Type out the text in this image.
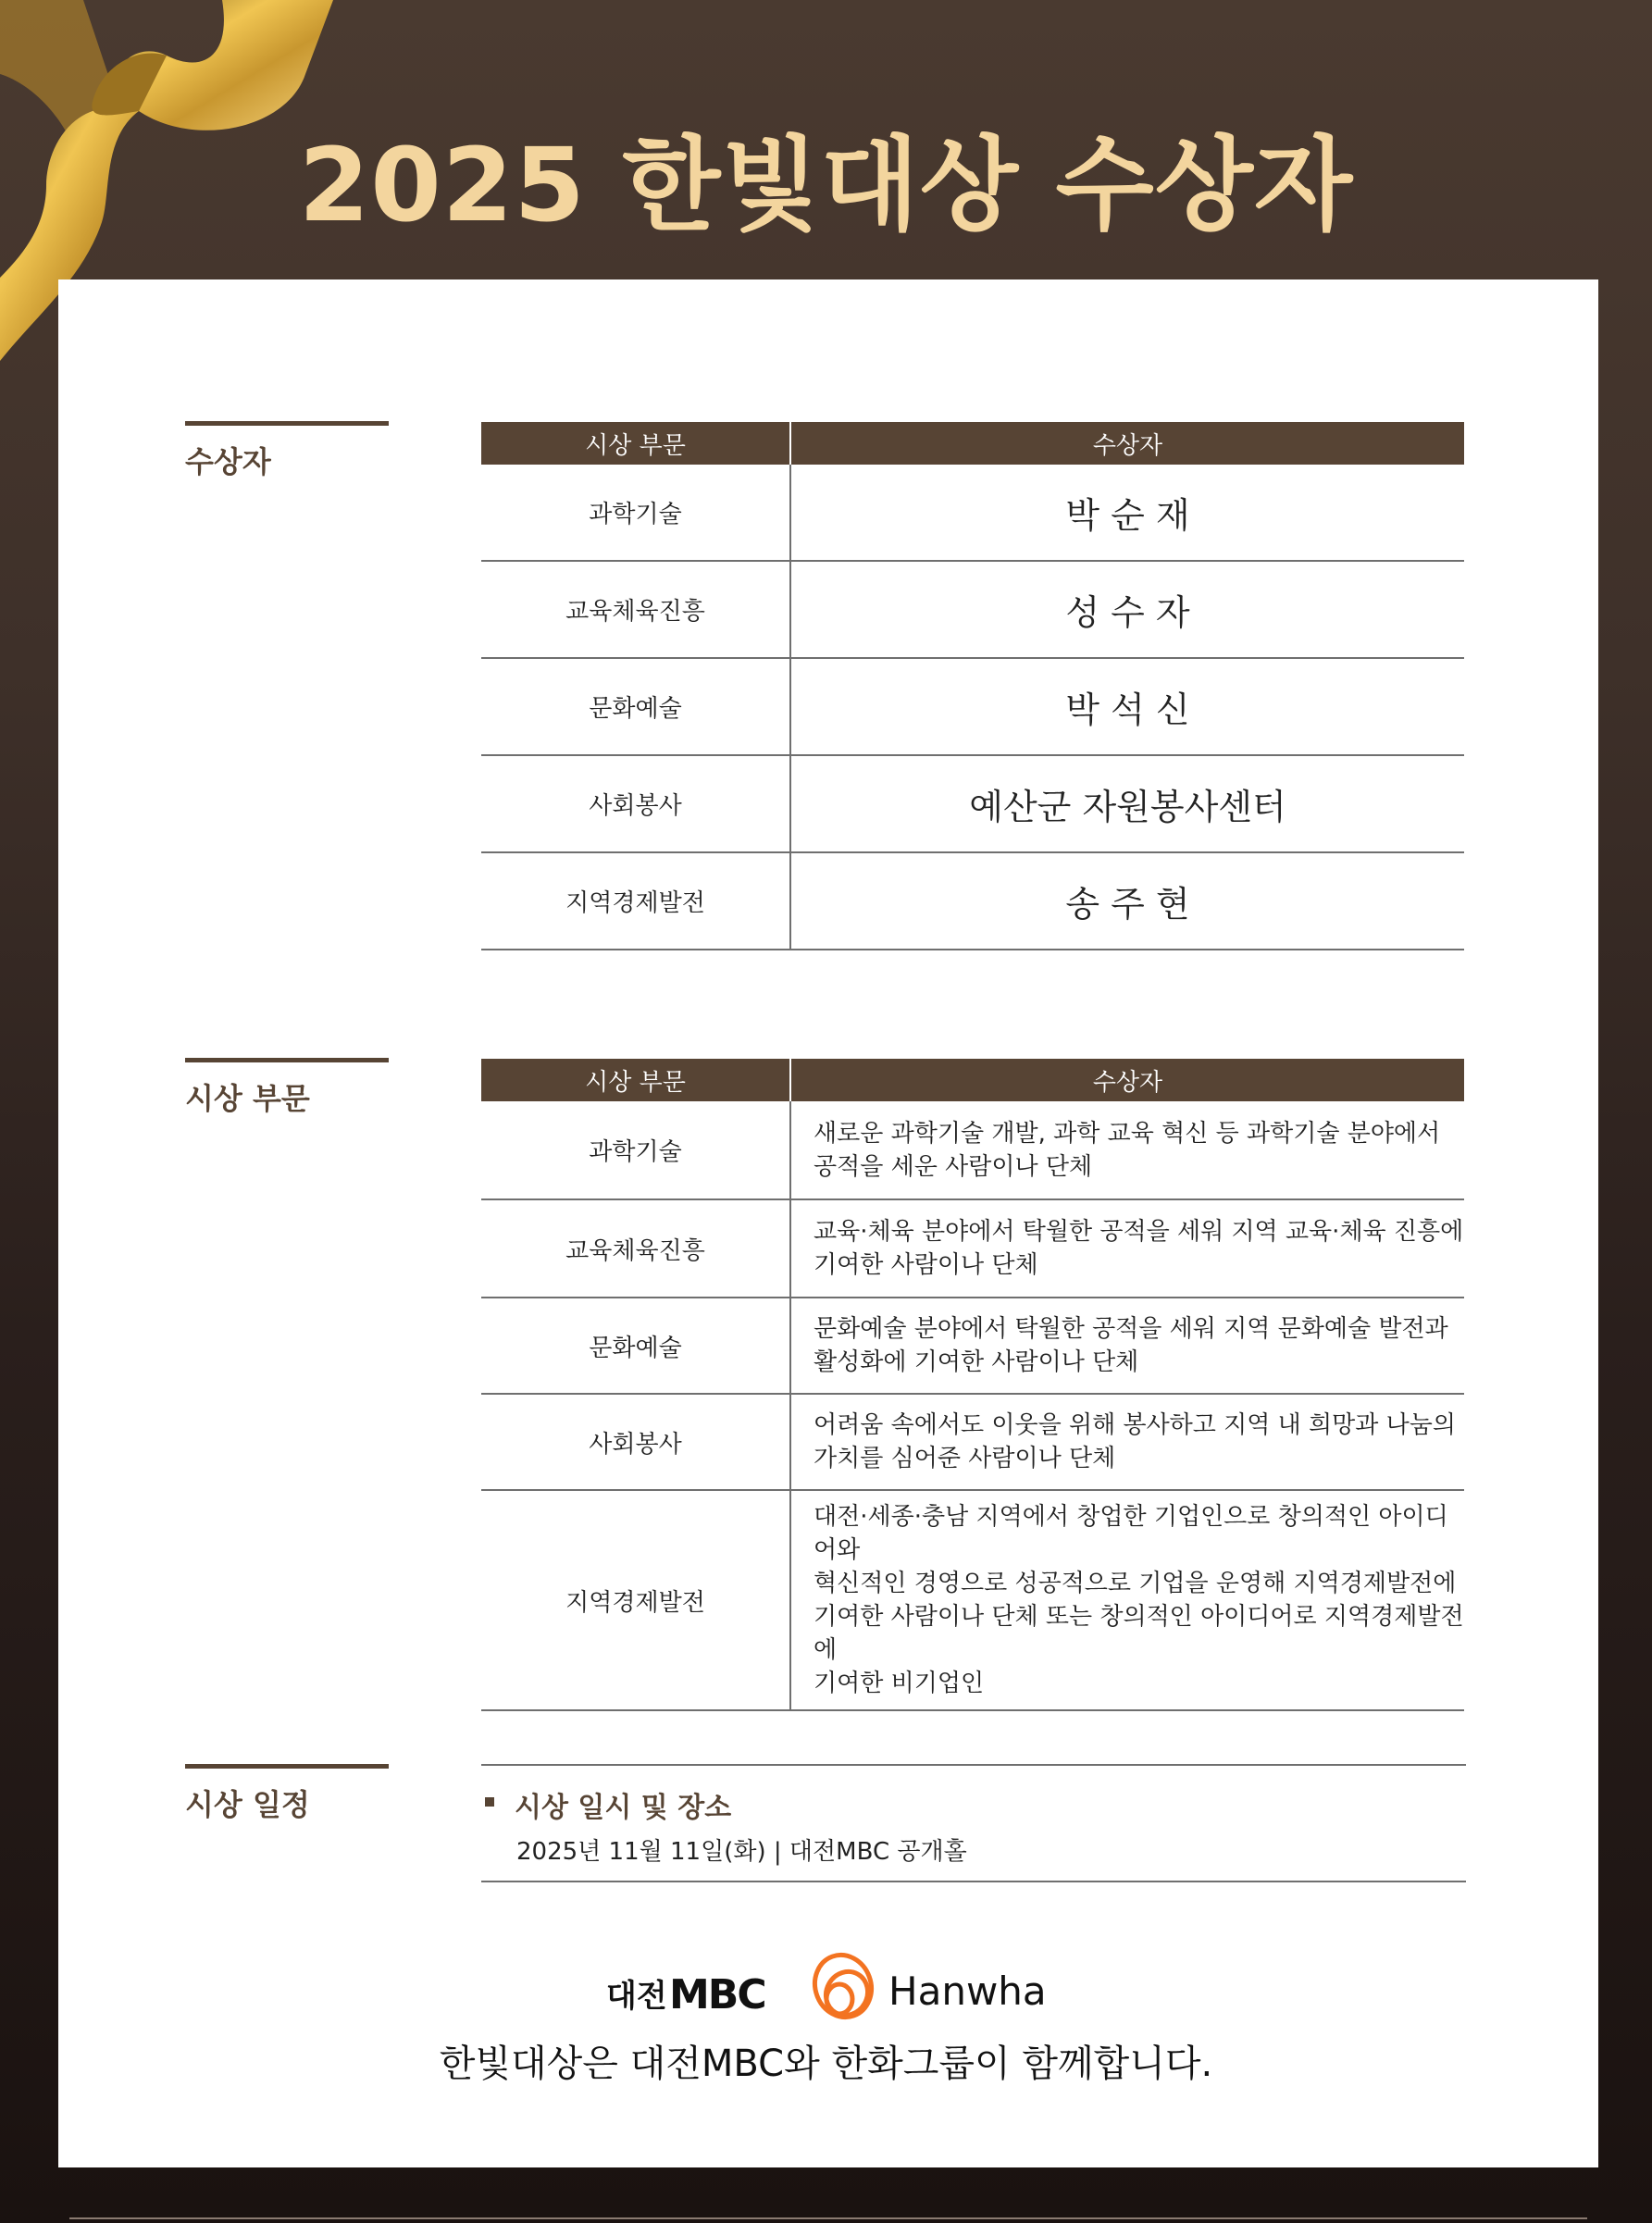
2025 한빛대상 수상자
수상자	시상 부문	수상자
과학기술	박 순 재
교육체육진흥	성 수 자
문화예술	박 석 신
사회봉사	예산군 자원봉사센터
지역경제발전	송 주 현
시상 부문	시상 부문	수상자
과학기술	새로운 과학기술 개발, 과학 교육 혁신 등 과학기술 분야에서
공적을 세운 사람이나 단체

교육체육진흥	교육·체육 분야에서 탁월한 공적을 세워 지역 교육·체육 진흥에
기여한 사람이나 단체

문화예술	문화예술 분야에서 탁월한 공적을 세워 지역 문화예술 발전과
활성화에 기여한 사람이나 단체

사회봉사	어려움 속에서도 이웃을 위해 봉사하고 지역 내 희망과 나눔의
가치를 심어준 사람이나 단체

지역경제발전	대전·세종·충남 지역에서 창업한 기업인으로 창의적인 아이디어와
혁신적인 경영으로 성공적으로 기업을 운영해 지역경제발전에
기여한 사람이나 단체 또는 창의적인 아이디어로 지역경제발전에
기여한 비기업인
시상 일정	시상 일시 및 장소
2025년 11월 11일(화) | 대전MBC 공개홀
대전 MBC	Hanwha
한빛대상은 대전MBC와 한화그룹이 함께합니다.
